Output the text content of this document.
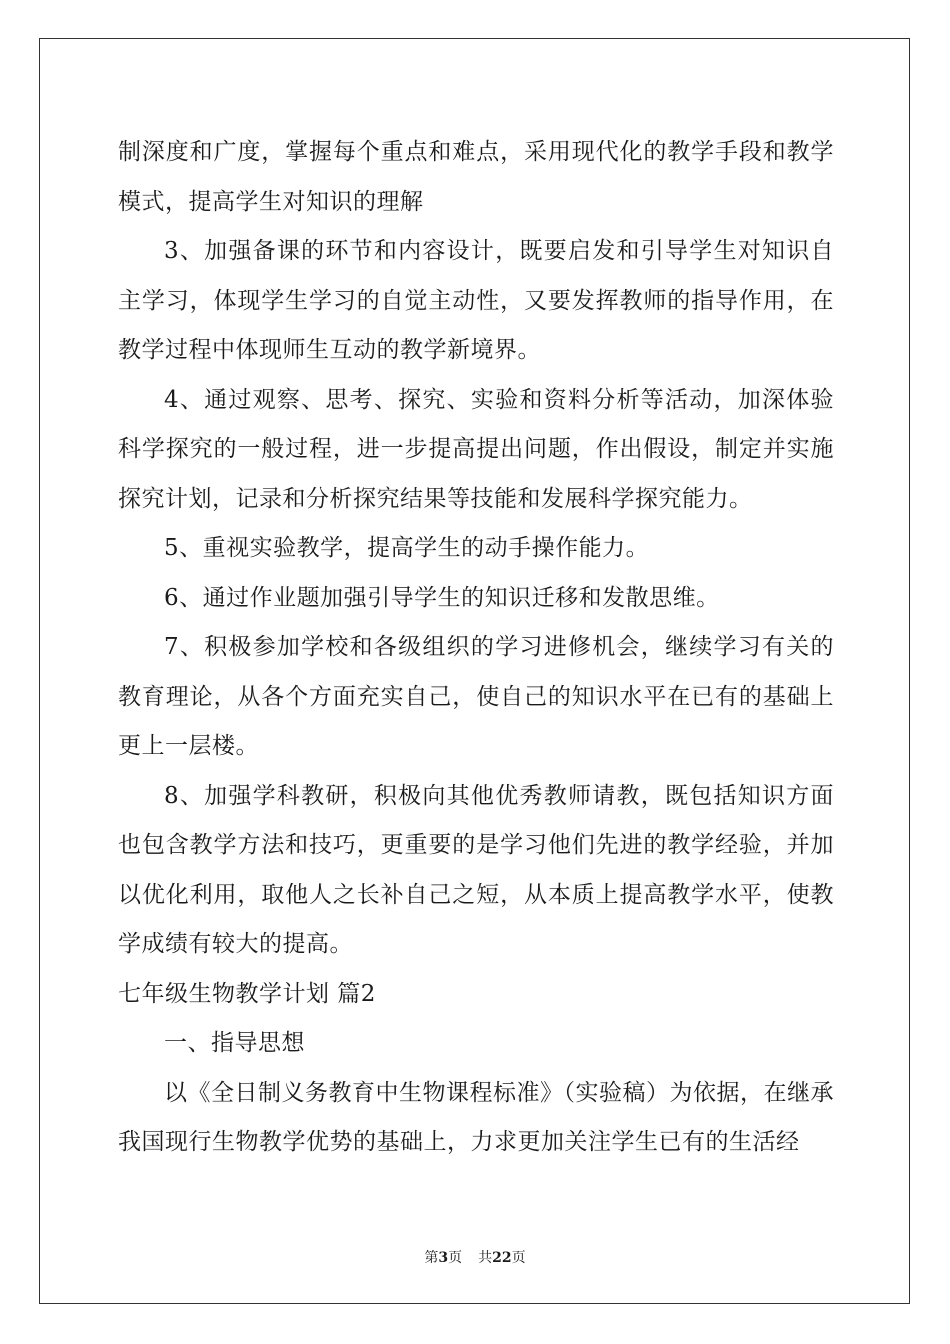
制深度和广度，掌握每个重点和难点，采用现代化的教学手段和教学模式，提高学生对知识的理解

3、加强备课的环节和内容设计，既要启发和引导学生对知识自主学习，体现学生学习的自觉主动性，又要发挥教师的指导作用，在教学过程中体现师生互动的教学新境界。

4、通过观察、思考、探究、实验和资料分析等活动，加深体验科学探究的一般过程，进一步提高提出问题，作出假设，制定并实施探究计划，记录和分析探究结果等技能和发展科学探究能力。

5、重视实验教学，提高学生的动手操作能力。

6、通过作业题加强引导学生的知识迁移和发散思维。

7、积极参加学校和各级组织的学习进修机会，继续学习有关的教育理论，从各个方面充实自己，使自己的知识水平在已有的基础上更上一层楼。

8、加强学科教研，积极向其他优秀教师请教，既包括知识方面也包含教学方法和技巧，更重要的是学习他们先进的教学经验，并加以优化利用，取他人之长补自己之短，从本质上提高教学水平，使教学成绩有较大的提高。

七年级生物教学计划 篇2

一、指导思想

以《全日制义务教育中生物课程标准》（实验稿）为依据，在继承我国现行生物教学优势的基础上，力求更加关注学生已有的生活经

第3页 共22页
